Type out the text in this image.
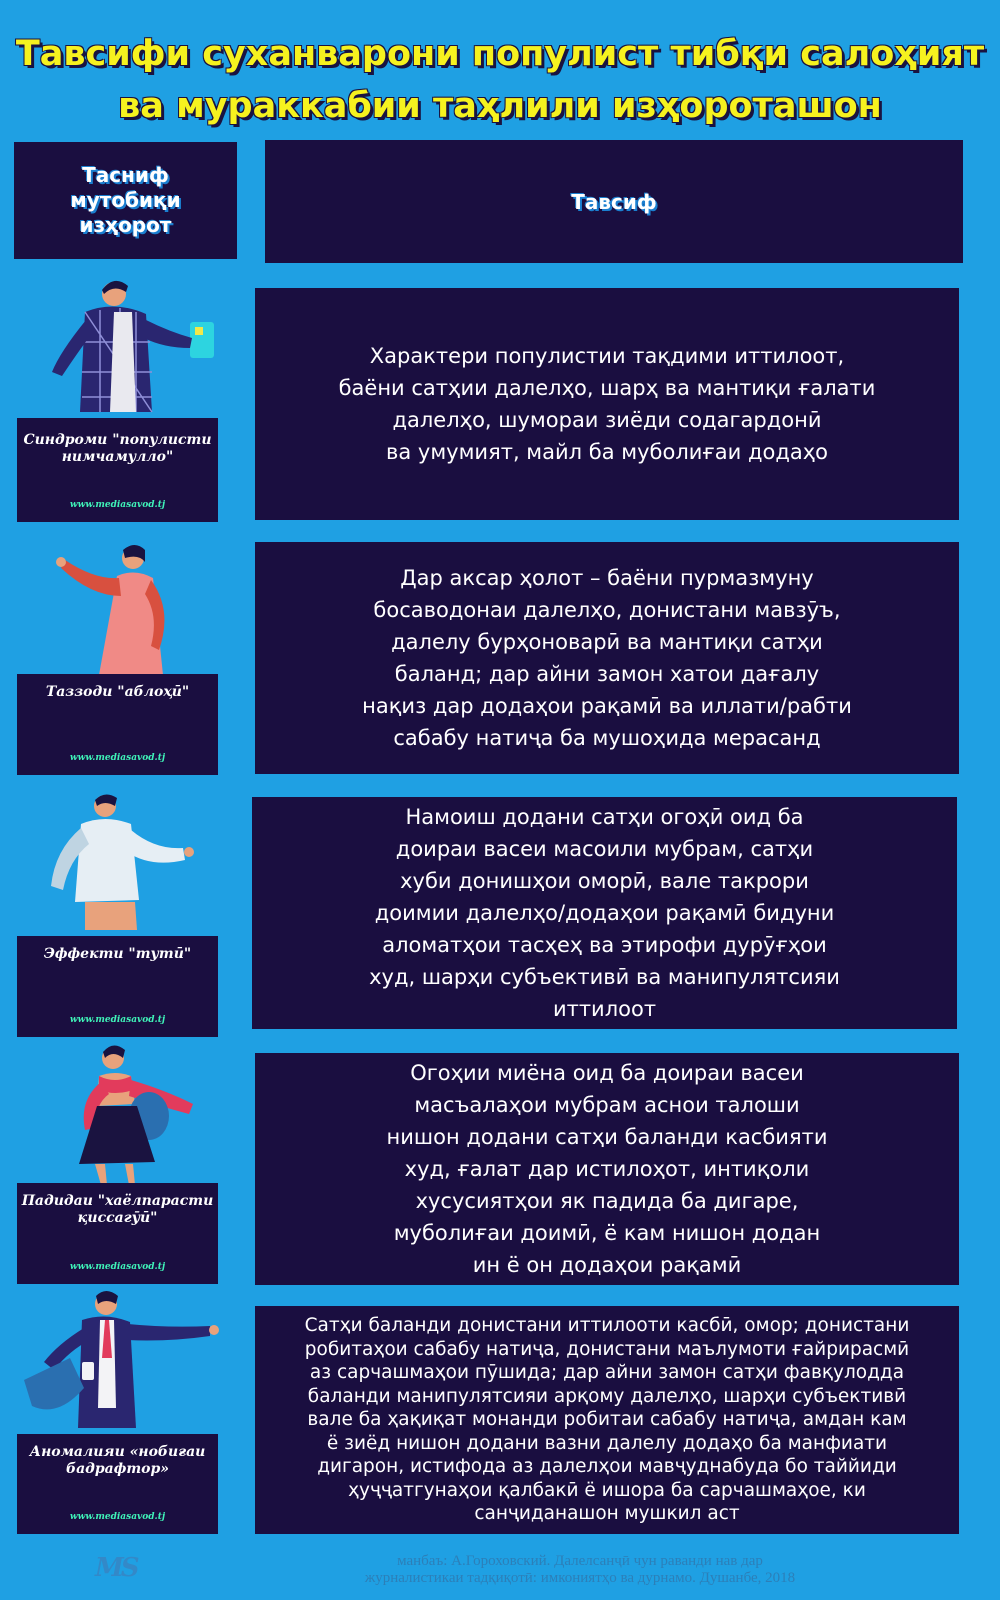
Тавсифи суханварони популист тибқи салоҳият
ва мураккабии таҳлили изҳороташон
Тасниф мутобиқи изҳорот
Тавсиф
Синдроми "популисти нимчамулло"
www.mediasavod.tj
Характери популистии тақдими иттилоот,
баёни сатҳии далелҳо, шарҳ ва мантиқи ғалати
далелҳо, шумораи зиёди содагардонӣ
ва умумият, майл ба муболиғаи додаҳо
Таззоди "аблоҳӣ"
www.mediasavod.tj
Дар аксар ҳолот – баёни пурмазмуну
босаводонаи далелҳо, донистани мавзӯъ,
далелу бурҳоноварӣ ва мантиқи сатҳи
баланд; дар айни замон хатои дағалу
нақиз дар додаҳои рақамӣ ва иллати/рабти
сабабу натиҷа ба мушоҳида мерасанд
Эффекти "тутӣ"
www.mediasavod.tj
Намоиш додани сатҳи огоҳӣ оид ба
доираи васеи масоили мубрам, сатҳи
хуби донишҳои оморӣ, вале такрори
доимии далелҳо/додаҳои рақамӣ бидуни
аломатҳои тасҳеҳ ва этирофи дурӯғҳои
худ, шарҳи субъективӣ ва манипулятсияи
иттилоот
Падидаи "хаёлпарасти қиссагӯӣ"
www.mediasavod.tj
Огоҳии миёна оид ба доираи васеи
масъалаҳои мубрам аснои талоши
нишон додани сатҳи баланди касбияти
худ, ғалат дар истилоҳот, интиқоли
хусусиятҳои як падида ба дигаре,
муболиғаи доимӣ, ё кам нишон додан
ин ё он додаҳои рақамӣ
Аномалияи «нобиғаи бадрафтор»
www.mediasavod.tj
Сатҳи баланди донистани иттилооти касбӣ, омор; донистани
робитаҳои сабабу натиҷа, донистани маълумоти ғайрирасмӣ
аз сарчашмаҳои пӯшида; дар айни замон сатҳи фавқулодда
баланди манипулятсияи арқому далелҳо, шарҳи субъективӣ
вале ба ҳақиқат монанди робитаи сабабу натиҷа, амдан кам
ё зиёд нишон додани вазни далелу додаҳо ба манфиати
дигарон, истифода аз далелҳои мавҷуднабуда бо таййиди
ҳуҷҷатгунаҳои қалбакӣ ё ишора ба сарчашмаҳое, ки
санҷиданашон мушкил аст
MS	манбаъ: А.Гороховский. Далелсанҷӣ чун раванди нав дар
журналистикаи тадқиқотӣ: имкониятҳо ва дурнамо. Душанбе, 2018
